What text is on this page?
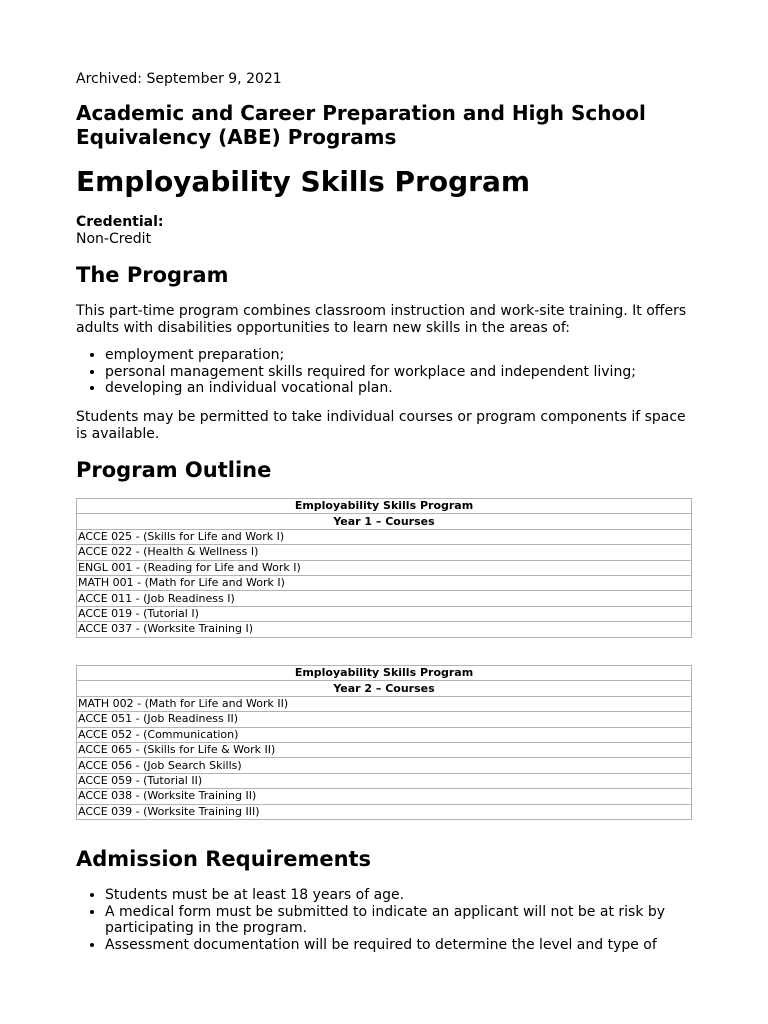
Archived: September 9, 2021
Academic and Career Preparation and High School Equivalency (ABE) Programs
Employability Skills Program
Credential:
Non-Credit
The Program

This part-time program combines classroom instruction and work-site training. It offers adults with disabilities opportunities to learn new skills in the areas of:

• employment preparation;
• personal management skills required for workplace and independent living;
• developing an individual vocational plan.

Students may be permitted to take individual courses or program components if space is available.

Program Outline
Employability Skills Program
Year 1 – Courses
ACCE 025 - (Skills for Life and Work I)
ACCE 022 - (Health & Wellness I)
ENGL 001 - (Reading for Life and Work I)
MATH 001 - (Math for Life and Work I)
ACCE 011 - (Job Readiness I)
ACCE 019 - (Tutorial I)
ACCE 037 - (Worksite Training I)
Employability Skills Program
Year 2 – Courses
MATH 002 - (Math for Life and Work II)
ACCE 051 - (Job Readiness II)
ACCE 052 - (Communication)
ACCE 065 - (Skills for Life & Work II)
ACCE 056 - (Job Search Skills)
ACCE 059 - (Tutorial II)
ACCE 038 - (Worksite Training II)
ACCE 039 - (Worksite Training III)
Admission Requirements
• Students must be at least 18 years of age.
• A medical form must be submitted to indicate an applicant will not be at risk by participating in the program.
• Assessment documentation will be required to determine the level and type of
